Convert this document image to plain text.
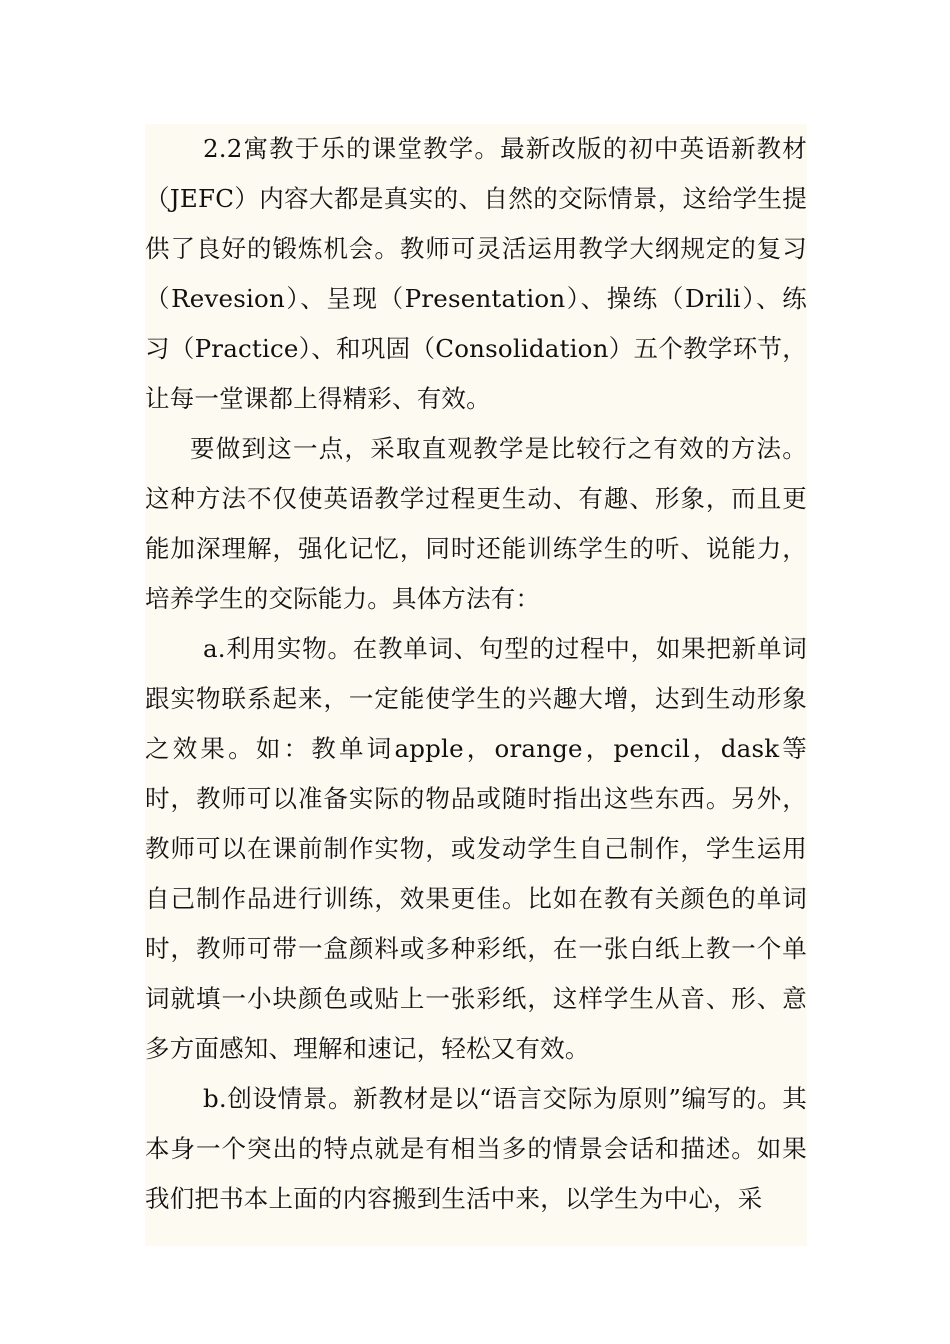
2.2寓教于乐的课堂教学。最新改版的初中英语新教材（JEFC）内容大都是真实的、自然的交际情景，这给学生提供了良好的锻炼机会。教师可灵活运用教学大纲规定的复习（Revesion）、呈现（Presentation）、操练（Drili）、练习（Practice）、和巩固（Consolidation）五个教学环节，让每一堂课都上得精彩、有效。

要做到这一点，采取直观教学是比较行之有效的方法。这种方法不仅使英语教学过程更生动、有趣、形象，而且更能加深理解，强化记忆，同时还能训练学生的听、说能力，培养学生的交际能力。具体方法有：

a.利用实物。在教单词、句型的过程中，如果把新单词跟实物联系起来，一定能使学生的兴趣大增，达到生动形象之效果。如：教单词apple，orange，pencil，dask等时，教师可以准备实际的物品或随时指出这些东西。另外，教师可以在课前制作实物，或发动学生自己制作，学生运用自己制作品进行训练，效果更佳。比如在教有关颜色的单词时，教师可带一盒颜料或多种彩纸，在一张白纸上教一个单词就填一小块颜色或贴上一张彩纸，这样学生从音、形、意多方面感知、理解和速记，轻松又有效。

b.创设情景。新教材是以“语言交际为原则”编写的。其本身一个突出的特点就是有相当多的情景会话和描述。如果我们把书本上面的内容搬到生活中来，以学生为中心，采
